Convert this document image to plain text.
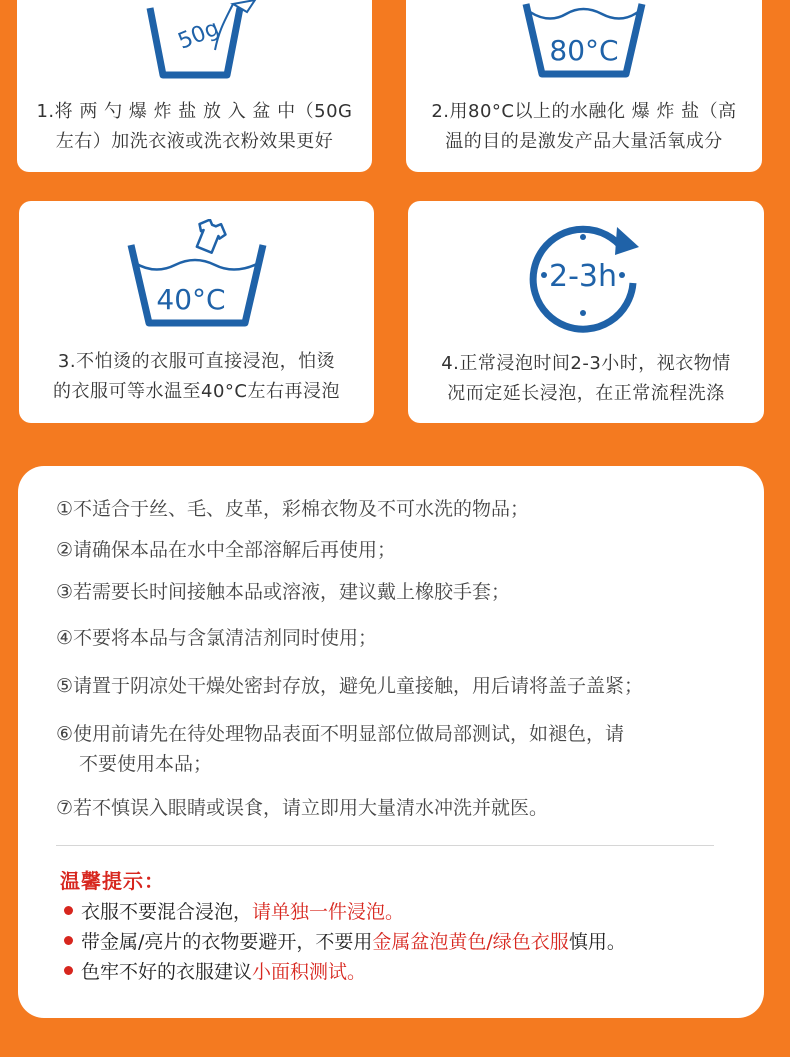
50g
1.将 两 勺 爆 炸 盐 放 入 盆 中（50G
左右）加洗衣液或洗衣粉效果更好
80°C
2.用80°C以上的水融化 爆 炸 盐（高
温的目的是激发产品大量活氧成分
40°C
3.不怕烫的衣服可直接浸泡，怕烫
的衣服可等水温至40°C左右再浸泡
2-3h
4.正常浸泡时间2-3小时，视衣物情
况而定延长浸泡，在正常流程洗涤
①不适合于丝、毛、皮革，彩棉衣物及不可水洗的物品；
②请确保本品在水中全部溶解后再使用；
③若需要长时间接触本品或溶液，建议戴上橡胶手套；
④不要将本品与含氯清洁剂同时使用；
⑤请置于阴凉处干燥处密封存放，避免儿童接触，用后请将盖子盖紧；
⑥使用前请先在待处理物品表面不明显部位做局部测试，如褪色，请
不要使用本品；
⑦若不慎误入眼睛或误食，请立即用大量清水冲洗并就医。
温馨提示：
衣服不要混合浸泡，请单独一件浸泡。
带金属/亮片的衣物要避开，不要用金属盆泡黄色/绿色衣服慎用。
色牢不好的衣服建议小面积测试。
